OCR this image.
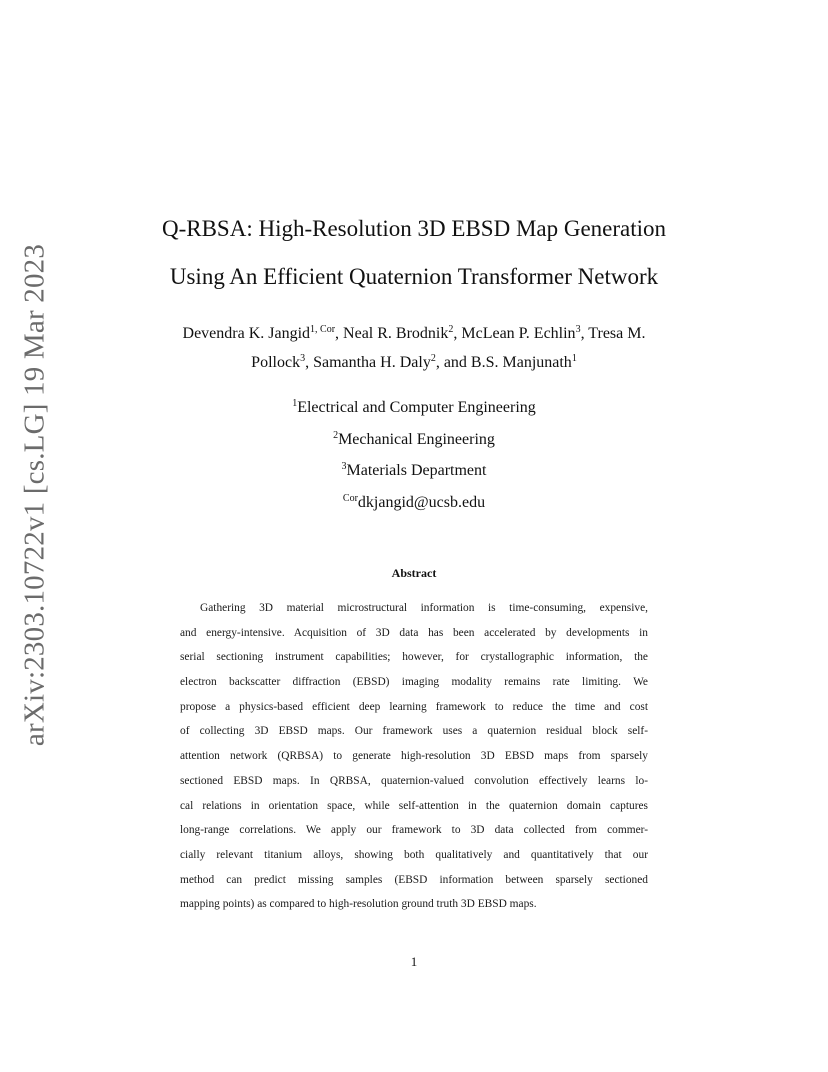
arXiv:2303.10722v1 [cs.LG] 19 Mar 2023
Q-RBSA: High-Resolution 3D EBSD Map Generation
Using An Efficient Quaternion Transformer Network
Devendra K. Jangid$^{1, Cor}$, Neal R. Brodnik$^2$, McLean P. Echlin$^3$, Tresa M.
Pollock$^3$, Samantha H. Daly$^2$, and B.S. Manjunath$^1$
$^1$Electrical and Computer Engineering
$^2$Mechanical Engineering
$^3$Materials Department
$^{Cor}$dkjangid@ucsb.edu
Abstract
Gathering 3D material microstructural information is time-consuming, expensive,
and energy-intensive. Acquisition of 3D data has been accelerated by developments in
serial sectioning instrument capabilities; however, for crystallographic information, the
electron backscatter diffraction (EBSD) imaging modality remains rate limiting. We
propose a physics-based efficient deep learning framework to reduce the time and cost
of collecting 3D EBSD maps. Our framework uses a quaternion residual block self-
attention network (QRBSA) to generate high-resolution 3D EBSD maps from sparsely
sectioned EBSD maps. In QRBSA, quaternion-valued convolution effectively learns lo-
cal relations in orientation space, while self-attention in the quaternion domain captures
long-range correlations. We apply our framework to 3D data collected from commer-
cially relevant titanium alloys, showing both qualitatively and quantitatively that our
method can predict missing samples (EBSD information between sparsely sectioned
mapping points) as compared to high-resolution ground truth 3D EBSD maps.
1
